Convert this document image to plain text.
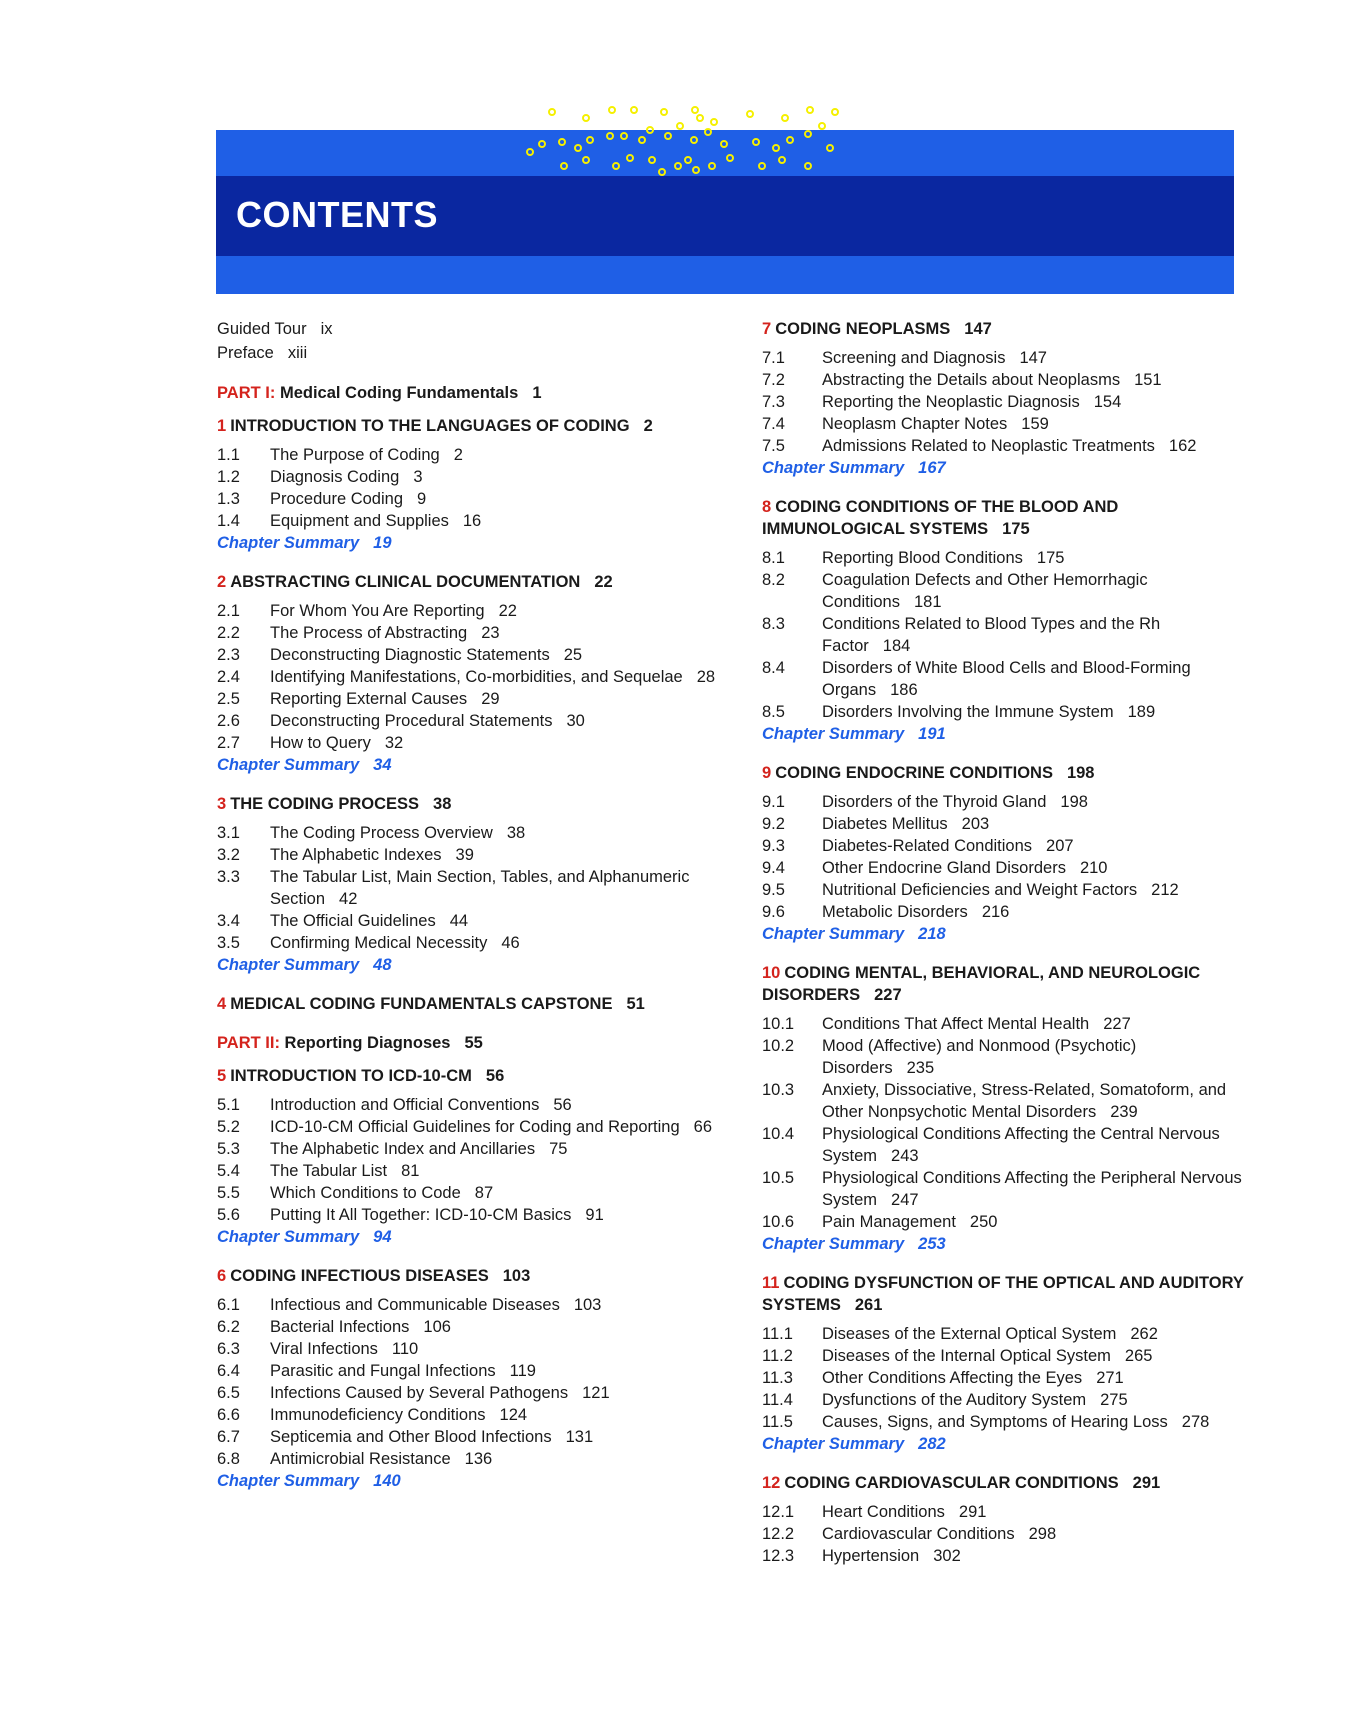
CONTENTS
Guided Tour ix
Preface xiii
PART I: Medical Coding Fundamentals 1
1 INTRODUCTION TO THE LANGUAGES OF CODING 2
1.1	The Purpose of Coding 2
1.2	Diagnosis Coding 3
1.3	Procedure Coding 9
1.4	Equipment and Supplies 16
Chapter Summary 19
2 ABSTRACTING CLINICAL DOCUMENTATION 22
2.1	For Whom You Are Reporting 22
2.2	The Process of Abstracting 23
2.3	Deconstructing Diagnostic Statements 25
2.4	Identifying Manifestations, Co-morbidities, and Sequelae 28
2.5	Reporting External Causes 29
2.6	Deconstructing Procedural Statements 30
2.7	How to Query 32
Chapter Summary 34
3 THE CODING PROCESS 38
3.1	The Coding Process Overview 38
3.2	The Alphabetic Indexes 39
3.3	The Tabular List, Main Section, Tables, and Alphanumeric Section 42
3.4	The Official Guidelines 44
3.5	Confirming Medical Necessity 46
Chapter Summary 48
4 MEDICAL CODING FUNDAMENTALS CAPSTONE 51
PART II: Reporting Diagnoses 55
5 INTRODUCTION TO ICD-10-CM 56
5.1	Introduction and Official Conventions 56
5.2	ICD-10-CM Official Guidelines for Coding and Reporting 66
5.3	The Alphabetic Index and Ancillaries 75
5.4	The Tabular List 81
5.5	Which Conditions to Code 87
5.6	Putting It All Together: ICD-10-CM Basics 91
Chapter Summary 94
6 CODING INFECTIOUS DISEASES 103
6.1	Infectious and Communicable Diseases 103
6.2	Bacterial Infections 106
6.3	Viral Infections 110
6.4	Parasitic and Fungal Infections 119
6.5	Infections Caused by Several Pathogens 121
6.6	Immunodeficiency Conditions 124
6.7	Septicemia and Other Blood Infections 131
6.8	Antimicrobial Resistance 136
Chapter Summary 140
7 CODING NEOPLASMS 147
7.1	Screening and Diagnosis 147
7.2	Abstracting the Details about Neoplasms 151
7.3	Reporting the Neoplastic Diagnosis 154
7.4	Neoplasm Chapter Notes 159
7.5	Admissions Related to Neoplastic Treatments 162
Chapter Summary 167
8 CODING CONDITIONS OF THE BLOOD AND IMMUNOLOGICAL SYSTEMS 175
8.1	Reporting Blood Conditions 175
8.2	Coagulation Defects and Other Hemorrhagic Conditions 181
8.3	Conditions Related to Blood Types and the Rh Factor 184
8.4	Disorders of White Blood Cells and Blood-Forming Organs 186
8.5	Disorders Involving the Immune System 189
Chapter Summary 191
9 CODING ENDOCRINE CONDITIONS 198
9.1	Disorders of the Thyroid Gland 198
9.2	Diabetes Mellitus 203
9.3	Diabetes-Related Conditions 207
9.4	Other Endocrine Gland Disorders 210
9.5	Nutritional Deficiencies and Weight Factors 212
9.6	Metabolic Disorders 216
Chapter Summary 218
10 CODING MENTAL, BEHAVIORAL, AND NEUROLOGIC DISORDERS 227
10.1	Conditions That Affect Mental Health 227
10.2	Mood (Affective) and Nonmood (Psychotic) Disorders 235
10.3	Anxiety, Dissociative, Stress-Related, Somatoform, and Other Nonpsychotic Mental Disorders 239
10.4	Physiological Conditions Affecting the Central Nervous System 243
10.5	Physiological Conditions Affecting the Peripheral Nervous System 247
10.6	Pain Management 250
Chapter Summary 253
11 CODING DYSFUNCTION OF THE OPTICAL AND AUDITORY SYSTEMS 261
11.1	Diseases of the External Optical System 262
11.2	Diseases of the Internal Optical System 265
11.3	Other Conditions Affecting the Eyes 271
11.4	Dysfunctions of the Auditory System 275
11.5	Causes, Signs, and Symptoms of Hearing Loss 278
Chapter Summary 282
12 CODING CARDIOVASCULAR CONDITIONS 291
12.1	Heart Conditions 291
12.2	Cardiovascular Conditions 298
12.3	Hypertension 302
